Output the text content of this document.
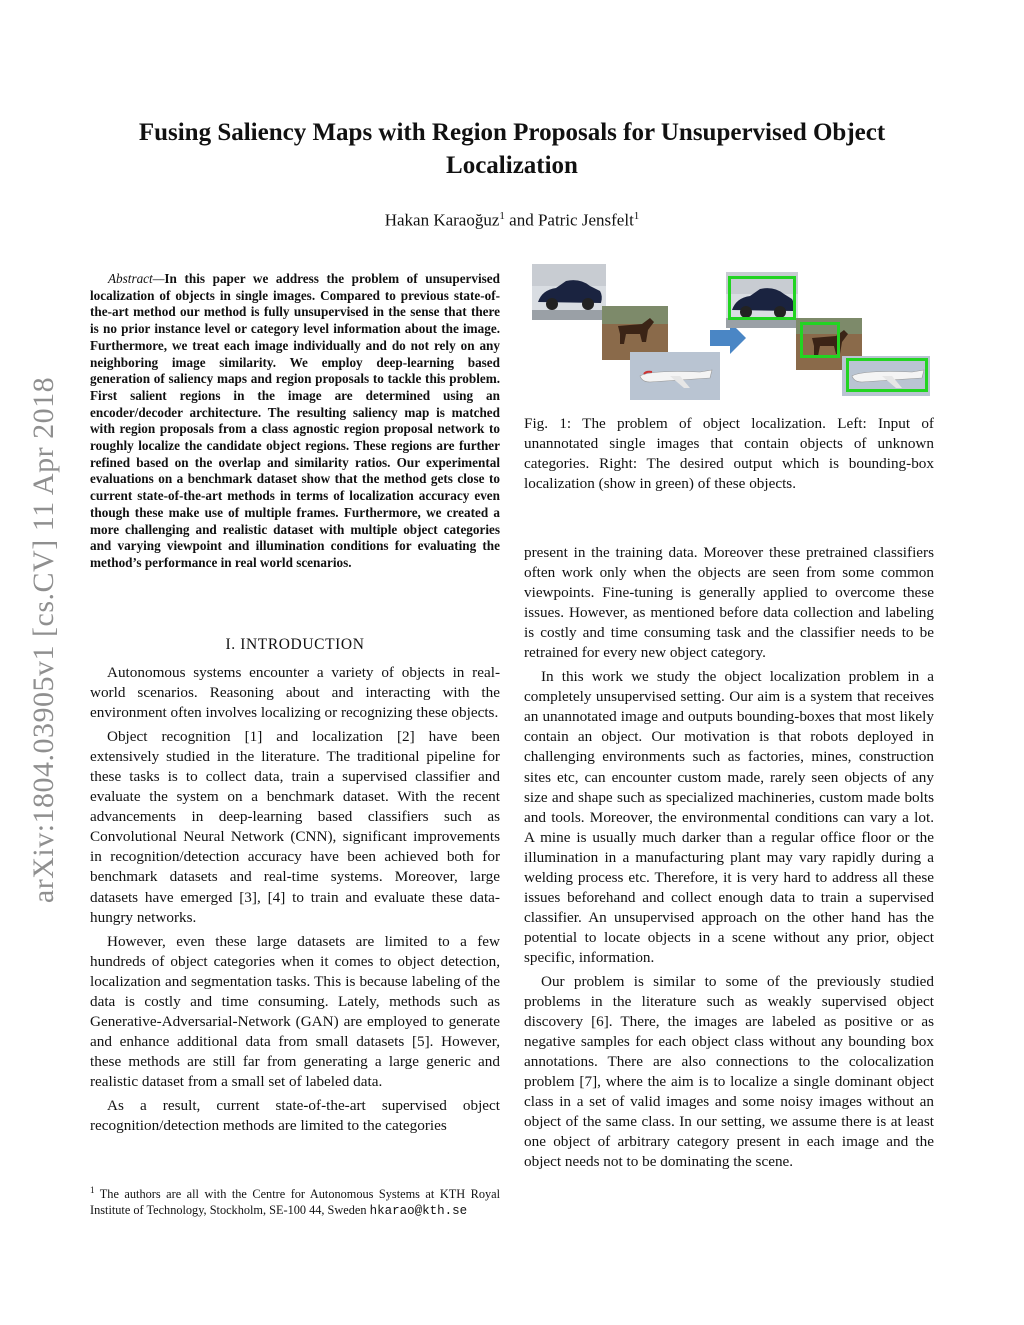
arXiv:1804.03905v1 [cs.CV] 11 Apr 2018
Fusing Saliency Maps with Region Proposals for Unsupervised Object Localization
Hakan Karaoğuz$^1$ and Patric Jensfelt$^1$

Abstract—In this paper we address the problem of unsupervised localization of objects in single images. Compared to previous state-of-the-art method our method is fully unsupervised in the sense that there is no prior instance level or category level information about the image. Furthermore, we treat each image individually and do not rely on any neighboring image similarity. We employ deep-learning based generation of saliency maps and region proposals to tackle this problem. First salient regions in the image are determined using an encoder/decoder architecture. The resulting saliency map is matched with region proposals from a class agnostic region proposal network to roughly localize the candidate object regions. These regions are further refined based on the overlap and similarity ratios. Our experimental evaluations on a benchmark dataset show that the method gets close to current state-of-the-art methods in terms of localization accuracy even though these make use of multiple frames. Furthermore, we created a more challenging and realistic dataset with multiple object categories and varying viewpoint and illumination conditions for evaluating the method’s performance in real world scenarios.

I. INTRODUCTION

Autonomous systems encounter a variety of objects in real-world scenarios. Reasoning about and interacting with the environment often involves localizing or recognizing these objects.

Object recognition [1] and localization [2] have been extensively studied in the literature. The traditional pipeline for these tasks is to collect data, train a supervised classifier and evaluate the system on a benchmark dataset. With the recent advancements in deep-learning based classifiers such as Convolutional Neural Network (CNN), significant improvements in recognition/detection accuracy have been achieved both for benchmark datasets and real-time systems. Moreover, large datasets have emerged [3], [4] to train and evaluate these data-hungry networks.

However, even these large datasets are limited to a few hundreds of object categories when it comes to object detection, localization and segmentation tasks. This is because labeling of the data is costly and time consuming. Lately, methods such as Generative-Adversarial-Network (GAN) are employed to generate and enhance additional data from small datasets [5]. However, these methods are still far from generating a large generic and realistic dataset from a small set of labeled data.

As a result, current state-of-the-art supervised object recognition/detection methods are limited to the categories

$^1$ The authors are all with the Centre for Autonomous Systems at KTH Royal Institute of Technology, Stockholm, SE-100 44, Sweden hkarao@kth.se
Fig. 1: The problem of object localization. Left: Input of unannotated single images that contain objects of unknown categories. Right: The desired output which is bounding-box localization (show in green) of these objects.

present in the training data. Moreover these pretrained classifiers often work only when the objects are seen from some common viewpoints. Fine-tuning is generally applied to overcome these issues. However, as mentioned before data collection and labeling is costly and time consuming task and the classifier needs to be retrained for every new object category.

In this work we study the object localization problem in a completely unsupervised setting. Our aim is a system that receives an unannotated image and outputs bounding-boxes that most likely contain an object. Our motivation is that robots deployed in challenging environments such as factories, mines, construction sites etc, can encounter custom made, rarely seen objects of any size and shape such as specialized machineries, custom made bolts and tools. Moreover, the environmental conditions can vary a lot. A mine is usually much darker than a regular office floor or the illumination in a manufacturing plant may vary rapidly during a welding process etc. Therefore, it is very hard to address all these issues beforehand and collect enough data to train a supervised classifier. An unsupervised approach on the other hand has the potential to locate objects in a scene without any prior, object specific, information.

Our problem is similar to some of the previously studied problems in the literature such as weakly supervised object discovery [6]. There, the images are labeled as positive or as negative samples for each object class without any bounding box annotations. There are also connections to the colocalization problem [7], where the aim is to localize a single dominant object class in a set of valid images and some noisy images without an object of the same class. In our setting, we assume there is at least one object of arbitrary category present in each image and the object needs not to be dominating the scene.
